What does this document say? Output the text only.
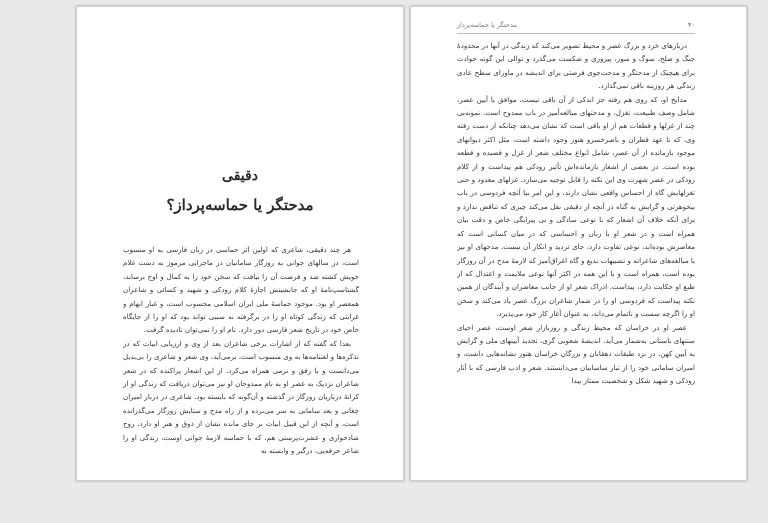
دقیقی

مدحتگر یا حماسه‌پرداز؟

هر چند دقیقی، شاعری که اولین اثر حماسی در زبان فارسی به او منسوب است، در سالهای جوانی به روزگار سامانیان در ماجرایی مرموز به دست غلام خویش کشته شد و فرصت آن را نیافت که سخن خود را به کمال و اوج برساند، گشتاسپ‌نامهٔ او که جانشینش اجازهٔ کلام رودکی و شهید و کسائی و شاعران همعصر او بود. موجود حماسهٔ ملی ایران اسلامی محسوب است، و غبار ابهام و غرابتی که زندگی کوتاه او را در برگرفته نه سببی تواند بود که او را از جایگاه خاص خود در تاریخ شعر فارسی دور دارد. نام او را نمی‌توان نادیده گرفت.

بعدا که گفته که از اشارات برخی شاعران بعد از وی و ارزیابی ابیات که در تذکره‌ها و لغتنامه‌ها به وی منسوب است، برمی‌آید، وی شعر و شاعری را بی‌بدیل می‌دانست و با رفق و نرمی همراه می‌کرد. از این اشعار پراکنده که در شعر شاعران نزدیک به عصر او به نام ممدوحان او نیز می‌توان دریافت که زندگی او از کرانهٔ درباریان روزگار در گذشته و آن‌گونه که بایسته بود. شاعری در دربار امیران چغانی و بعد سامانی به سر می‌برده و از راه مدح و ستایش روزگار می‌گذرانده است، و آنچه از این قبیل ابیات بر جای مانده نشان از ذوق و هنر او دارد. روح شادخواری و عشرت‌پرستی هم، که با حماسه لازمهٔ جوانی اوست، زندگی او را شاعر حرفه‌یی، درگیر و وابسته به

۴۰
مدحتگر یا حماسه‌پرداز

دربارهای خرد و بزرگ عصر و محیط تصویر می‌کند که زندگی در آنها در محدودهٔ جنگ و صلح، سوگ و سور، پیروزی و شکست می‌گذرد و توالی این گونه حوادث برای هیچیک از مدحتگر و مدحت‌جوی فرصتی برای اندیشه در ماورای سطح عادی زندگی هر روزینه باقی نمی‌گذارد.

مدایح او، که روی هم رفته جز اندکی از آن باقی نیست، موافق با آیین عصر، شامل وصف طبیعت، تغزل، و مدحتهای مبالغه‌آمیز در باب ممدوح است. نمونه‌یی چند از غزلها و قطعات هم از او باقی است که نشان می‌دهد چنانکه از دست رفته وی، که تا عهد قطران و ناصرخسرو هنوز وجود داشته است، مثل اکثر دیوانهای موجود بازمانده از آن عصر، شامل انواع مختلف شعر از غزل و قصیده و قطعه بوده است. در بعضی از اشعار بازمانده‌اش تأثیر رودکی هم پیداست و از کلام رودکی در عصر شهرت وی این نکته را قابل توجیه می‌سازد. غزلهای معدود و حتی تغزلهایش گاه از احساس واقعی نشان دارند، و این امر بیا آنچه فردوسی در باب بیخوهرتی و گرایش به گناه در آنچه از دقیقی نقل می‌کند چیزی که تناقض ندارد و برای آنکه خلاف آن اشعار که با نوعی سادگی و بی پیرایگی خاص و دقت بیان همراه است و در شعر او با زبان و احساسی که در میان کسانی است که معاصرش بوده‌اند، نوعی تفاوت دارد، جای تردید و انکار آن نیست. مدحهای او نیز با مبالغه‌های شاعرانه و تشبیهات بدیع و گاه اغراق‌آمیز که لازمهٔ مدح در آن روزگار بوده است، همراه است و با این همه در اکثر آنها نوعی ملایمت و اعتدال که از طبع او حکایت دارد، پیداست. ادراک شعر او از جانب معاصران و آیندگان از همین نکته پیداست که فردوسی او را در شمار شاعران بزرگ عصر یاد می‌کند و سخن او را اگرچه سست و ناتمام می‌داند، به عنوان آغاز کار خود می‌پذیرد.

عصر او در خراسان که محیط زندگی و روزبازار شعر اوست، عصر احیای سنتهای باستانی به‌شمار می‌آید. اندیشهٔ شعوبی گری، تجدید آیینهای ملی و گرایش به آیین کهن، در نزد طبقات دهقانان و بزرگان خراسان هنوز نشانه‌هایی داشت، و امیران سامانی خود را از تبار ساسانیان می‌دانستند. شعر و ادب فارسی که با آثار رودکی و شهید شکل و شخصیت ممتاز پیدا
